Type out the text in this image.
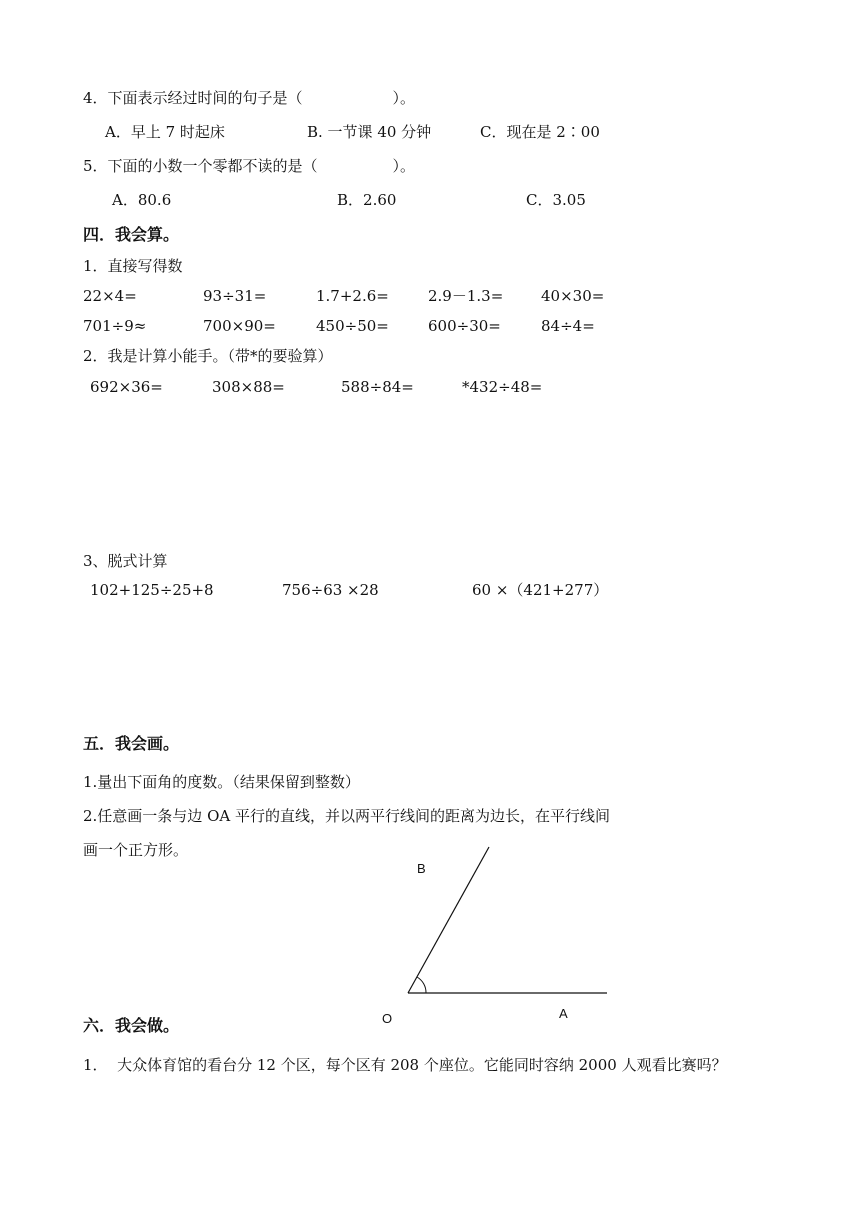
4．下面表示经过时间的句子是（　　　　　　）。
A．早上 7 时起床	B. 一节课 40 分钟	C．现在是 2∶00
5．下面的小数一个零都不读的是（　　　　　）。
A．80.6	B．2.60	C．3.05
四．我会算。
1．直接写得数
22×4=	93÷31=	1.7+2.6=	2.9－1.3=	40×30=
701÷9≈	700×90=	450÷50=	600÷30=	84÷4=
2．我是计算小能手。（带*的要验算）
692×36=	308×88=	588÷84=	*432÷48=
3、脱式计算
102+125÷25+8	756÷63 ×28	60 ×（421+277）
五．我会画。
1.量出下面角的度数。（结果保留到整数）
2.任意画一条与边 OA 平行的直线，并以两平行线间的距离为边长，在平行线间
画一个正方形。
B
O	A
六．我会做。
1．  大众体育馆的看台分 12 个区，每个区有 208 个座位。它能同时容纳 2000 人观看比赛吗？
